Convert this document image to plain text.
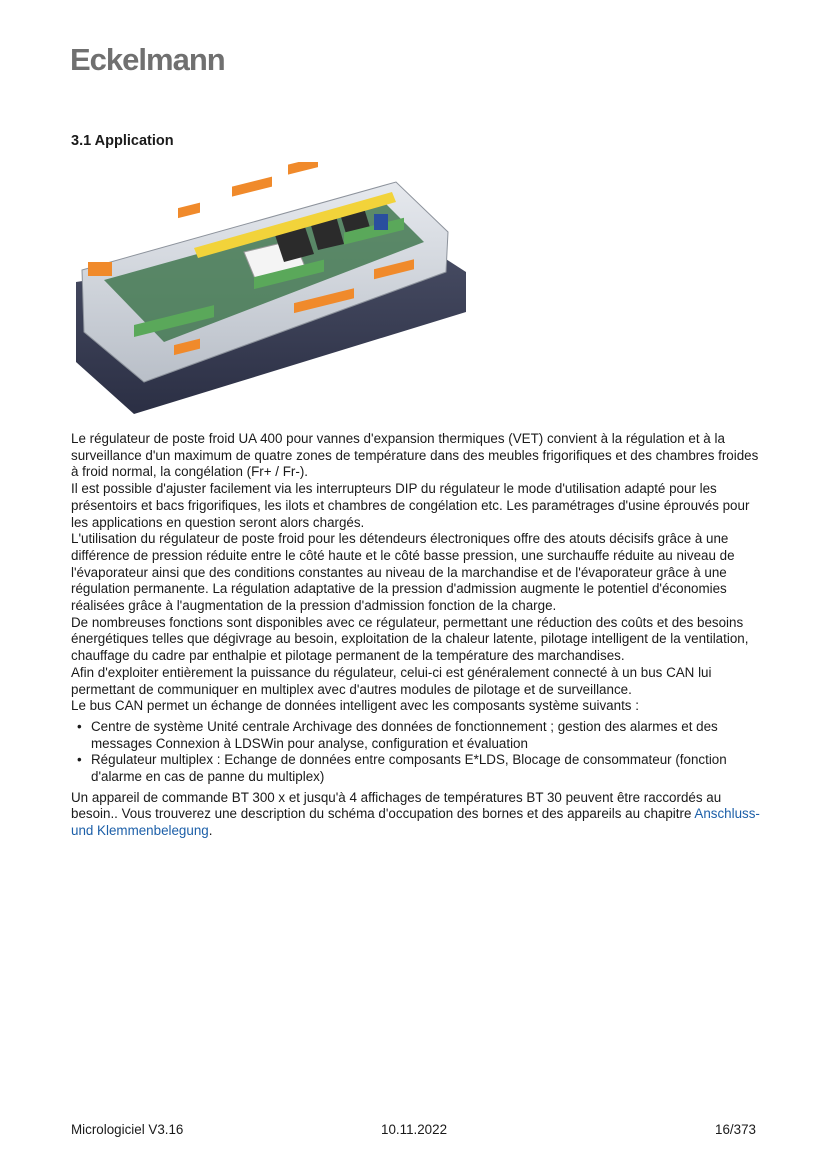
Eckelmann
3.1 Application

Le régulateur de poste froid UA 400 pour vannes d'expansion thermiques (VET) convient à la régulation et à la surveillance d'un maximum de quatre zones de température dans des meubles frigorifiques et des chambres froides à froid normal, la congélation (Fr+ / Fr-).

Il est possible d'ajuster facilement via les interrupteurs DIP du régulateur le mode d'utilisation adapté pour les présentoirs et bacs frigorifiques, les ilots et chambres de congélation etc. Les paramétrages d'usine éprouvés pour les applications en question seront alors chargés.

L'utilisation du régulateur de poste froid pour les détendeurs électroniques offre des atouts décisifs grâce à une différence de pression réduite entre le côté haute et le côté basse pression, une surchauffe réduite au niveau de l'évaporateur ainsi que des conditions constantes au niveau de la marchandise et de l'évaporateur grâce à une régulation permanente. La régulation adaptative de la pression d'admission augmente le potentiel d'économies réalisées grâce à l'augmentation de la pression d'admission fonction de la charge.

De nombreuses fonctions sont disponibles avec ce régulateur, permettant une réduction des coûts et des besoins énergétiques telles que dégivrage au besoin, exploitation de la chaleur latente, pilotage intelligent de la ventilation, chauffage du cadre par enthalpie et pilotage permanent de la température des marchandises.

Afin d'exploiter entièrement la puissance du régulateur, celui-ci est généralement connecté à un bus CAN lui permettant de communiquer en multiplex avec d'autres modules de pilotage et de surveillance.

Le bus CAN permet un échange de données intelligent avec les composants système suivants :

• Centre de système Unité centrale Archivage des données de fonctionnement ; gestion des alarmes et des messages Connexion à LDSWin pour analyse, configuration et évaluation
• Régulateur multiplex : Echange de données entre composants E*LDS, Blocage de consommateur (fonction d'alarme en cas de panne du multiplex)

Un appareil de commande BT 300 x et jusqu'à 4 affichages de températures BT 30 peuvent être raccordés au besoin.. Vous trouverez une description du schéma d'occupation des bornes et des appareils au chapitre Anschluss- und Klemmenbelegung.

Micrologiciel V3.16	10.11.2022	16/373
